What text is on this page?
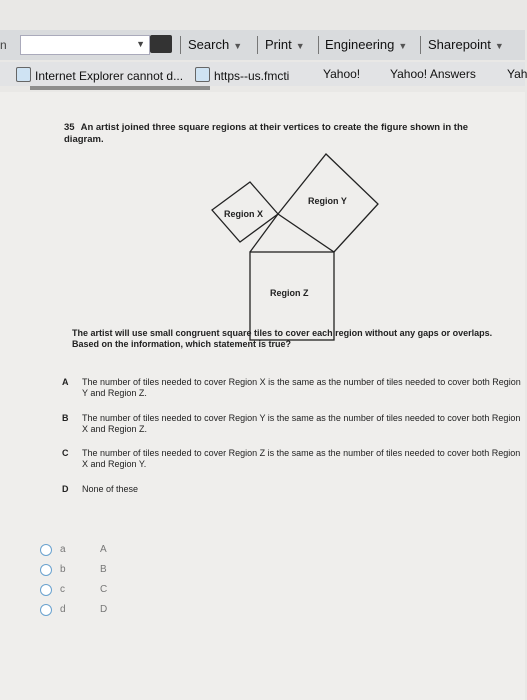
n	▼	Search ▼ Print ▼ Engineering ▼ Sharepoint ▼
Internet Explorer cannot d...	https--us.fmcti	Yahoo! Yahoo! Answers	Yah
35 An artist joined three square regions at their vertices to create the figure shown in the diagram.
Region X
Region Y
Region Z
The artist will use small congruent square tiles to cover each region without any gaps or overlaps. Based on the information, which statement is true?
A The number of tiles needed to cover Region X is the same as the number of tiles needed to cover both Region Y and Region Z.
B The number of tiles needed to cover Region Y is the same as the number of tiles needed to cover both Region X and Region Z.
C The number of tiles needed to cover Region Z is the same as the number of tiles needed to cover both Region X and Region Y.
D None of these
a	A
b	B
c	C
d	D
